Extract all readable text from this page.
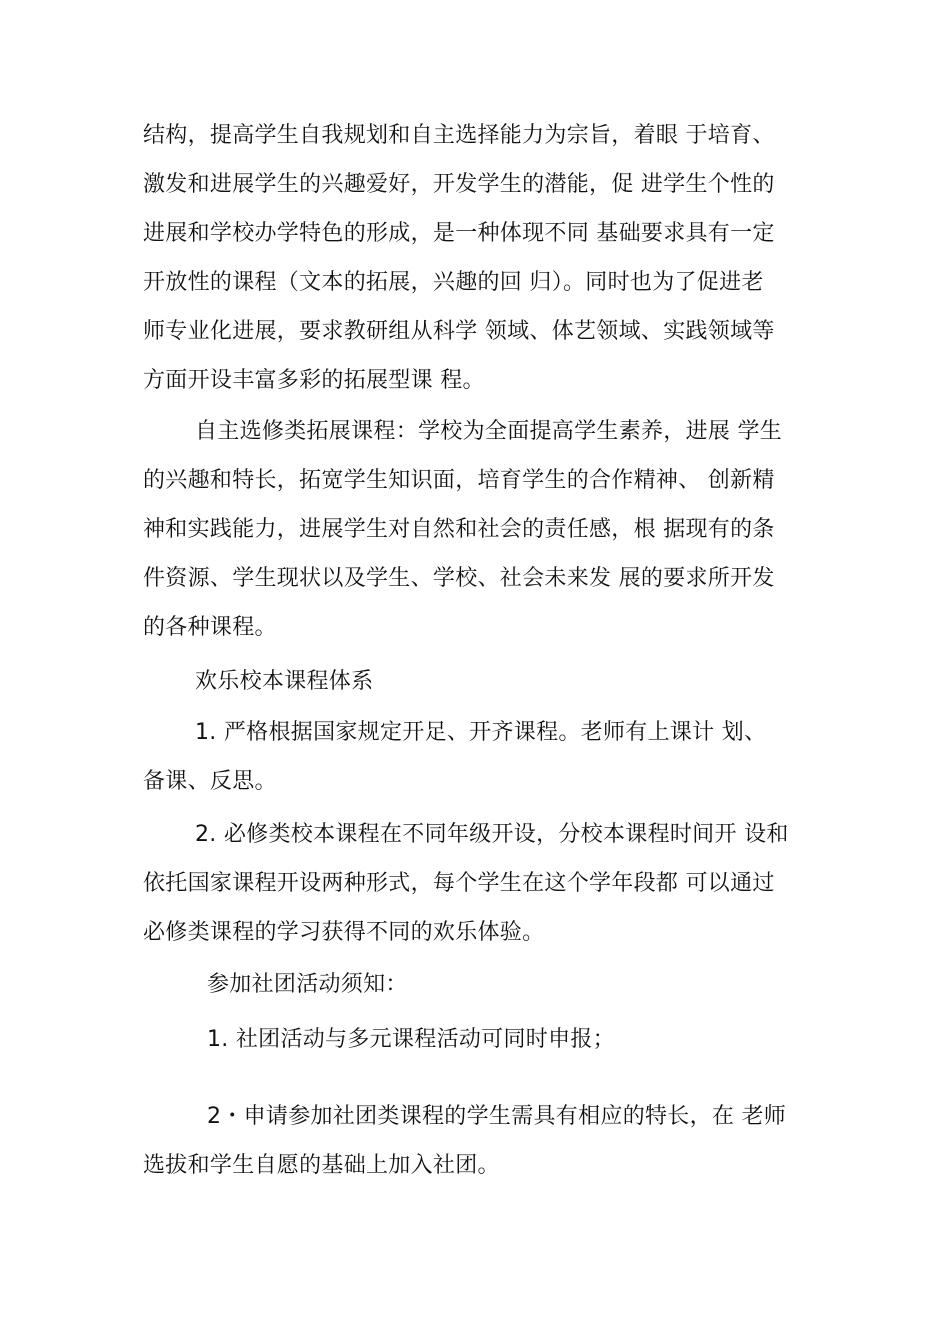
结构，提高学生自我规划和自主选择能力为宗旨，着眼 于培育、
激发和进展学生的兴趣爱好，开发学生的潜能，促 进学生个性的
进展和学校办学特色的形成，是一种体现不同 基础要求具有一定
开放性的课程（文本的拓展，兴趣的回 归）。同时也为了促进老
师专业化进展，要求教研组从科学 领域、体艺领域、实践领域等
方面开设丰富多彩的拓展型课 程。
自主选修类拓展课程：学校为全面提高学生素养，进展 学生
的兴趣和特长，拓宽学生知识面，培育学生的合作精神、 创新精
神和实践能力，进展学生对自然和社会的责任感，根 据现有的条
件资源、学生现状以及学生、学校、社会未来发 展的要求所开发
的各种课程。
欢乐校本课程体系
1. 严格根据国家规定开足、开齐课程。老师有上课计 划、
备课、反思。
2. 必修类校本课程在不同年级开设，分校本课程时间开 设和
依托国家课程开设两种形式，每个学生在这个学年段都 可以通过
必修类课程的学习获得不同的欢乐体验。
参加社团活动须知：
1. 社团活动与多元课程活动可同时申报；
2・申请参加社团类课程的学生需具有相应的特长，在 老师
选拔和学生自愿的基础上加入社团。
